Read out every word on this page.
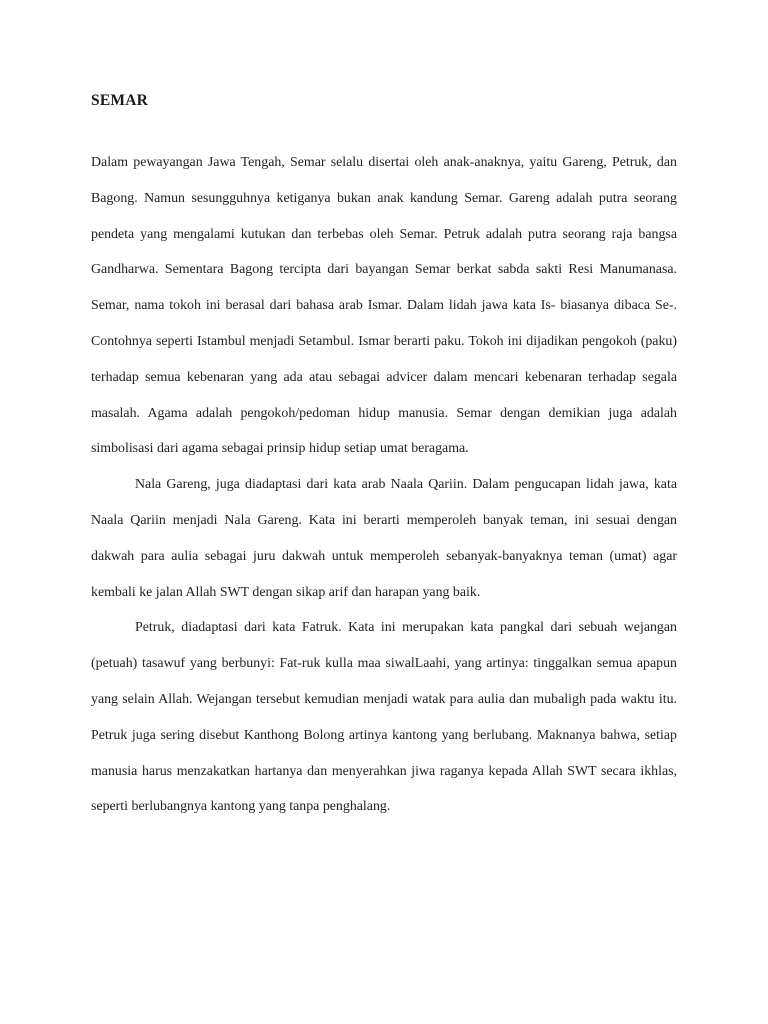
SEMAR

Dalam pewayangan Jawa Tengah, Semar selalu disertai oleh anak-anaknya, yaitu Gareng, Petruk, dan Bagong. Namun sesungguhnya ketiganya bukan anak kandung Semar. Gareng adalah putra seorang pendeta yang mengalami kutukan dan terbebas oleh Semar. Petruk adalah putra seorang raja bangsa Gandharwa. Sementara Bagong tercipta dari bayangan Semar berkat sabda sakti Resi Manumanasa. Semar, nama tokoh ini berasal dari bahasa arab Ismar. Dalam lidah jawa kata Is- biasanya dibaca Se-. Contohnya seperti Istambul menjadi Setambul. Ismar berarti paku. Tokoh ini dijadikan pengokoh (paku) terhadap semua kebenaran yang ada atau sebagai advicer dalam mencari kebenaran terhadap segala masalah. Agama adalah pengokoh/pedoman hidup manusia. Semar dengan demikian juga adalah simbolisasi dari agama sebagai prinsip hidup setiap umat beragama.

Nala Gareng, juga diadaptasi dari kata arab Naala Qariin. Dalam pengucapan lidah jawa, kata Naala Qariin menjadi Nala Gareng. Kata ini berarti memperoleh banyak teman, ini sesuai dengan dakwah para aulia sebagai juru dakwah untuk memperoleh sebanyak-banyaknya teman (umat) agar kembali ke jalan Allah SWT dengan sikap arif dan harapan yang baik.

Petruk, diadaptasi dari kata Fatruk. Kata ini merupakan kata pangkal dari sebuah wejangan (petuah) tasawuf yang berbunyi: Fat-ruk kulla maa siwalLaahi, yang artinya: tinggalkan semua apapun yang selain Allah. Wejangan tersebut kemudian menjadi watak para aulia dan mubaligh pada waktu itu. Petruk juga sering disebut Kanthong Bolong artinya kantong yang berlubang. Maknanya bahwa, setiap manusia harus menzakatkan hartanya dan menyerahkan jiwa raganya kepada Allah SWT secara ikhlas, seperti berlubangnya kantong yang tanpa penghalang.
